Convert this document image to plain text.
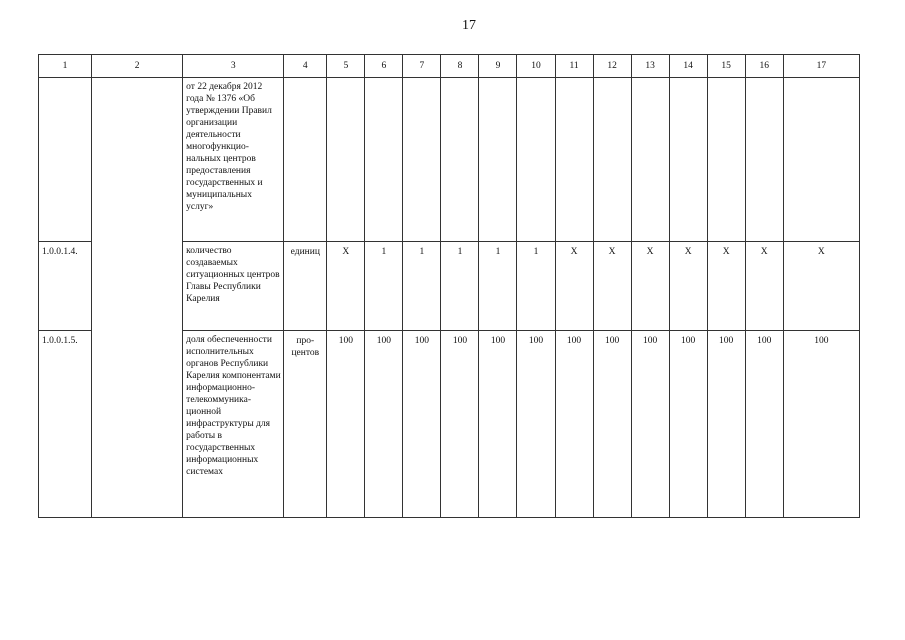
17
1	2	3	4	5	6	7	8	9	10	11	12	13	14	15	16	17
		от 22 декабря 2012 года № 1376 «Об утверждении Правил организации деятельности многофункцио-нальных центров предоставления государственных и муниципальных услуг»														
1.0.0.1.4.		количество создаваемых ситуационных центров Главы Республики Карелия	единиц	Х	1	1	1	1	1	Х	Х	Х	Х	Х	Х	Х
1.0.0.1.5.		доля обеспеченности исполнительных органов Республики Карелия компонентами информационно-телекоммуника-ционной инфраструктуры для работы в государственных информационных системах	про-центов	100	100	100	100	100	100	100	100	100	100	100	100	100
